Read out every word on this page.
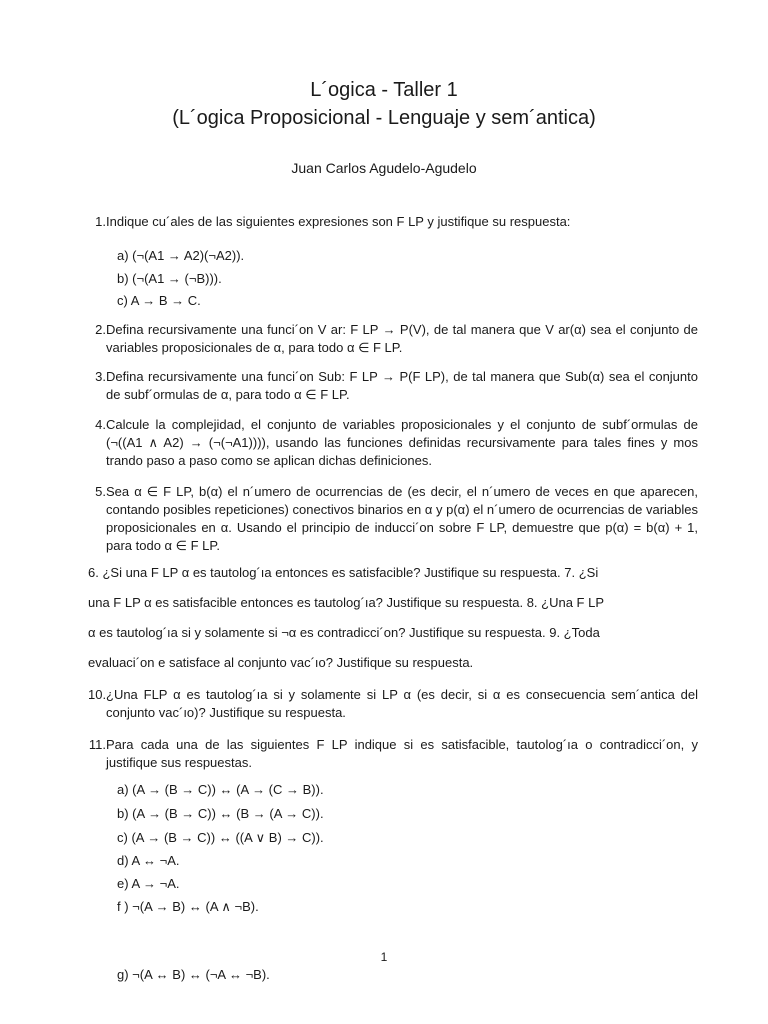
L´ogica - Taller 1
(L´ogica Proposicional - Lenguaje y sem´antica)
Juan Carlos Agudelo-Agudelo
1. Indique cu´ales de las siguientes expresiones son F LP y justifique su respuesta:
a) (¬(A1 → A2)(¬A2)).
b) (¬(A1 → (¬B))).
c) A → B → C.
2. Defina recursivamente una funci´on V ar: F LP → P(V), de tal manera que V ar(α) sea el conjunto de variables proposicionales de α, para todo α ∈ F LP.
3. Defina recursivamente una funci´on Sub: F LP → P(F LP), de tal manera que Sub(α) sea el conjunto de subf´ormulas de α, para todo α ∈ F LP.
4. Calcule la complejidad, el conjunto de variables proposicionales y el conjunto de subf´ormulas de (¬((A1 ∧ A2) → (¬(¬A1)))), usando las funciones definidas recursivamente para tales fines y mos trando paso a paso como se aplican dichas definiciones.
5. Sea α ∈ F LP, b(α) el n´umero de ocurrencias de (es decir, el n´umero de veces en que aparecen, contando posibles repeticiones) conectivos binarios en α y p(α) el n´umero de ocurrencias de variables proposicionales en α. Usando el principio de inducci´on sobre F LP, demuestre que p(α) = b(α) + 1, para todo α ∈ F LP.
6. ¿Si una F LP α es tautolog´ıa entonces es satisfacible? Justifique su respuesta. 7. ¿Si
una F LP α es satisfacible entonces es tautolog´ıa? Justifique su respuesta. 8. ¿Una F LP
α es tautolog´ıa si y solamente si ¬α es contradicci´on? Justifique su respuesta. 9. ¿Toda
evaluaci´on e satisface al conjunto vac´ıo? Justifique su respuesta.
10. ¿Una FLP α es tautolog´ıa si y solamente si LP α (es decir, si α es consecuencia sem´antica del conjunto vac´ıo)? Justifique su respuesta.
11. Para cada una de las siguientes F LP indique si es satisfacible, tautolog´ıa o contradicci´on, y justifique sus respuestas.
a) (A → (B → C)) ↔ (A → (C → B)).
b) (A → (B → C)) ↔ (B → (A → C)).
c) (A → (B → C)) ↔ ((A ∨ B) → C)).
d) A ↔ ¬A.
e) A → ¬A.
f ) ¬(A → B) ↔ (A ∧ ¬B).
1
g) ¬(A ↔ B) ↔ (¬A ↔ ¬B).
